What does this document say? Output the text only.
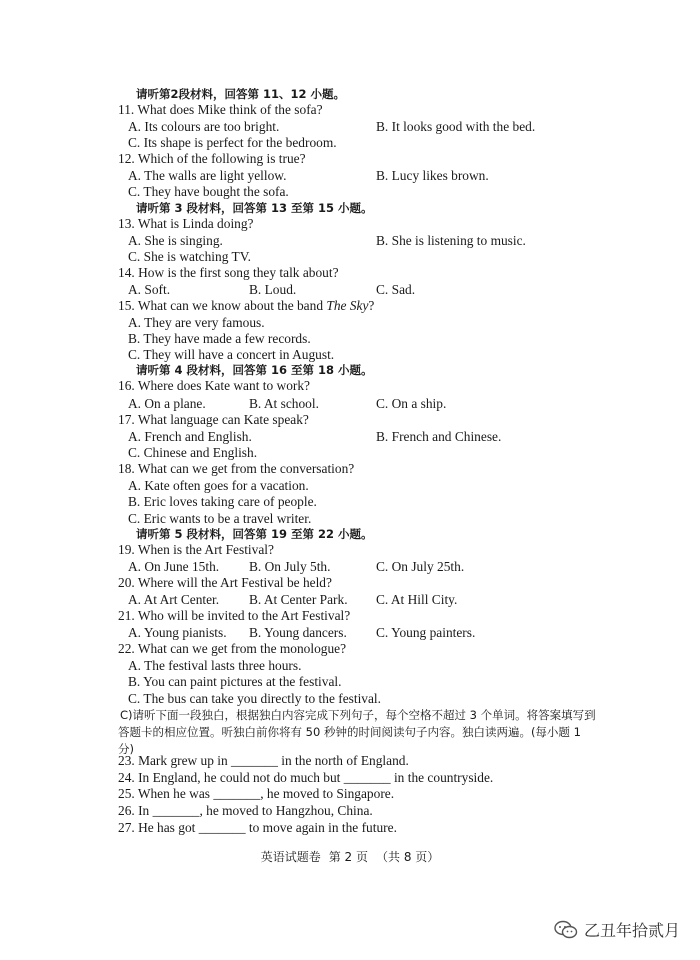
请听第2段材料，回答第 11、12 小题。
11. What does Mike think of the sofa?
A. Its colours are too bright.	B. It looks good with the bed.
C. Its shape is perfect for the bedroom.
12. Which of the following is true?
A. The walls are light yellow.	B. Lucy likes brown.
C. They have bought the sofa.
请听第 3 段材料，回答第 13 至第 15 小题。
13. What is Linda doing?
A. She is singing.	B. She is listening to music.
C. She is watching TV.
14. How is the first song they talk about?
A. Soft.	B. Loud.	C. Sad.
15. What can we know about the band The Sky?
A. They are very famous.
B. They have made a few records.
C. They will have a concert in August.
请听第 4 段材料，回答第 16 至第 18 小题。
16. Where does Kate want to work?
A. On a plane.	B. At school.	C. On a ship.
17. What language can Kate speak?
A. French and English.	B. French and Chinese.
C. Chinese and English.
18. What can we get from the conversation?
A. Kate often goes for a vacation.
B. Eric loves taking care of people.
C. Eric wants to be a travel writer.
请听第 5 段材料，回答第 19 至第 22 小题。
19. When is the Art Festival?
A. On June 15th. B. On July 5th.	C. On July 25th.
20. Where will the Art Festival be held?
A. At Art Center. B. At Center Park. C. At Hill City.
21. Who will be invited to the Art Festival?
A. Young pianists. B. Young dancers. C. Young painters.
22. What can we get from the monologue?
A. The festival lasts three hours.
B. You can paint pictures at the festival.
C. The bus can take you directly to the festival.
C)请听下面一段独白，根据独白内容完成下列句子，每个空格不超过 3 个单词。将答案填写到答题卡的相应位置。听独白前你将有 50 秒钟的时间阅读句子内容。独白读两遍。(每小题 1 分)
23. Mark grew up in _______ in the north of England.
24. In England, he could not do much but _______ in the countryside.
25. When he was _______, he moved to Singapore.
26. In _______, he moved to Hangzhou, China.
27. He has got _______ to move again in the future.
英语试题卷 第 2 页 （共 8 页）
乙丑年拾贰月
